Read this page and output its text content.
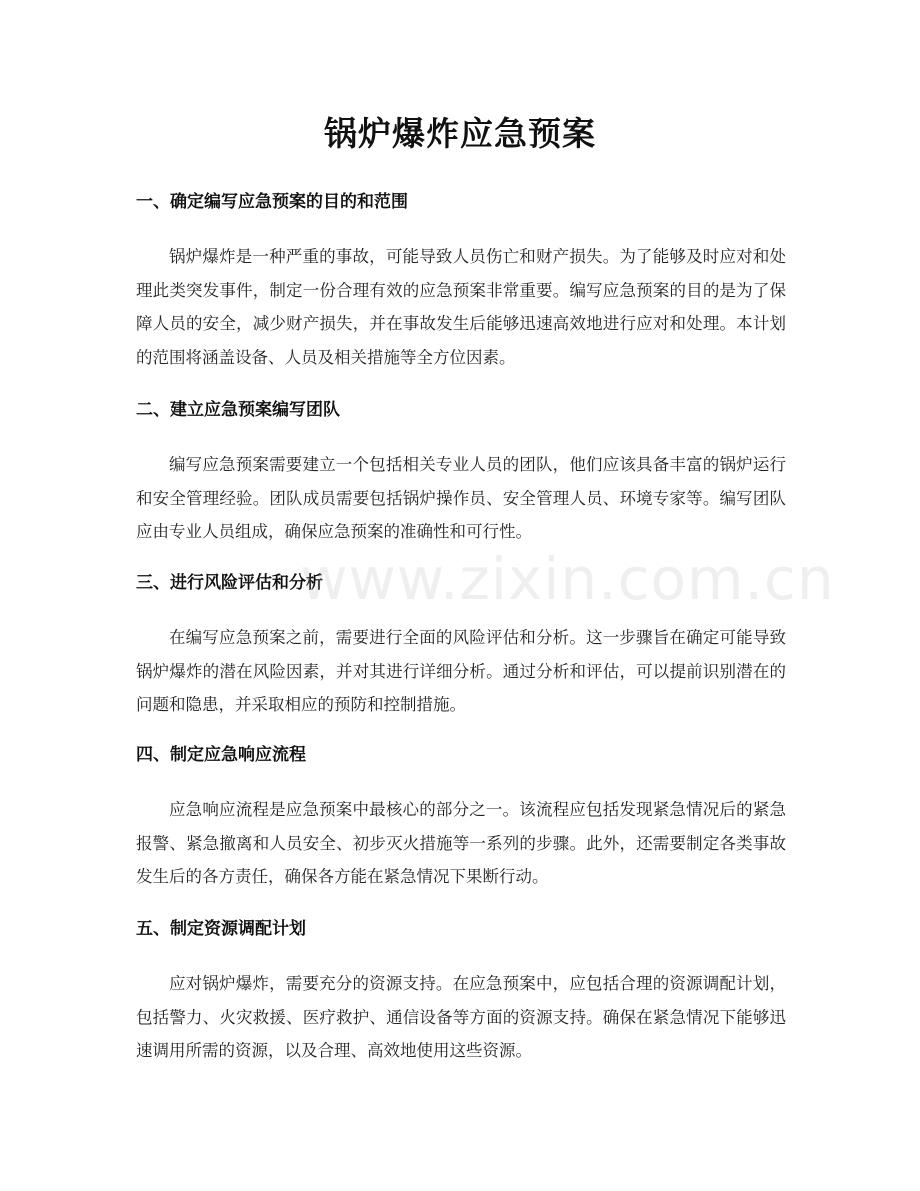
锅炉爆炸应急预案
一、确定编写应急预案的目的和范围

锅炉爆炸是一种严重的事故，可能导致人员伤亡和财产损失。为了能够及时应对和处理此类突发事件，制定一份合理有效的应急预案非常重要。编写应急预案的目的是为了保障人员的安全，减少财产损失，并在事故发生后能够迅速高效地进行应对和处理。本计划的范围将涵盖设备、人员及相关措施等全方位因素。

二、建立应急预案编写团队

编写应急预案需要建立一个包括相关专业人员的团队，他们应该具备丰富的锅炉运行和安全管理经验。团队成员需要包括锅炉操作员、安全管理人员、环境专家等。编写团队应由专业人员组成，确保应急预案的准确性和可行性。

三、进行风险评估和分析

在编写应急预案之前，需要进行全面的风险评估和分析。这一步骤旨在确定可能导致锅炉爆炸的潜在风险因素，并对其进行详细分析。通过分析和评估，可以提前识别潜在的问题和隐患，并采取相应的预防和控制措施。

四、制定应急响应流程

应急响应流程是应急预案中最核心的部分之一。该流程应包括发现紧急情况后的紧急报警、紧急撤离和人员安全、初步灭火措施等一系列的步骤。此外，还需要制定各类事故发生后的各方责任，确保各方能在紧急情况下果断行动。

五、制定资源调配计划

应对锅炉爆炸，需要充分的资源支持。在应急预案中，应包括合理的资源调配计划，包括警力、火灾救援、医疗救护、通信设备等方面的资源支持。确保在紧急情况下能够迅速调用所需的资源，以及合理、高效地使用这些资源。

www.zixin.com.cn
